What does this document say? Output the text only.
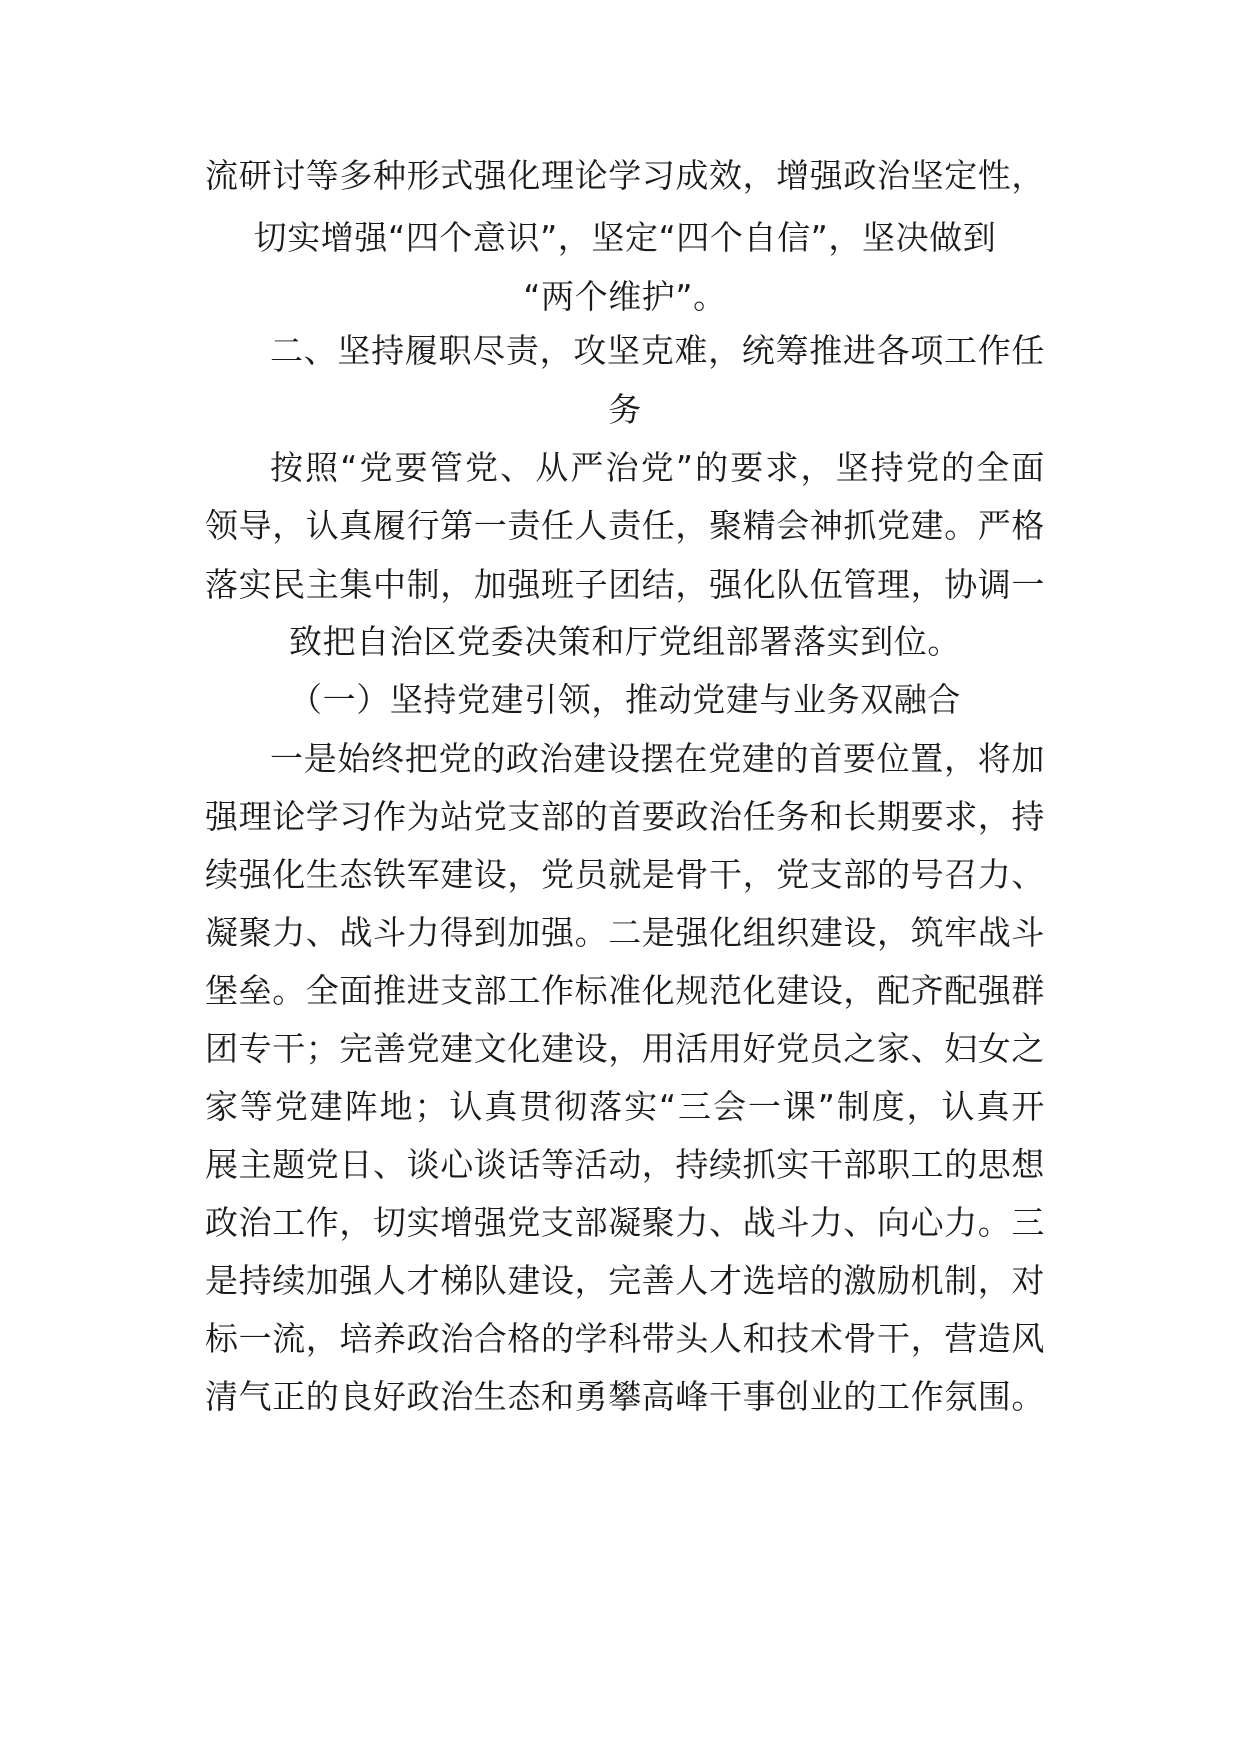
流研讨等多种形式强化理论学习成效，增强政治坚定性，
切实增强“四个意识”，坚定“四个自信”，坚决做到
“两个维护”。
二、坚持履职尽责，攻坚克难，统筹推进各项工作任
务
按照“党要管党、从严治党”的要求，坚持党的全面
领导，认真履行第一责任人责任，聚精会神抓党建。严格
落实民主集中制，加强班子团结，强化队伍管理，协调一
致把自治区党委决策和厅党组部署落实到位。
（一）坚持党建引领，推动党建与业务双融合
一是始终把党的政治建设摆在党建的首要位置，将加
强理论学习作为站党支部的首要政治任务和长期要求，持
续强化生态铁军建设，党员就是骨干，党支部的号召力、
凝聚力、战斗力得到加强。二是强化组织建设，筑牢战斗
堡垒。全面推进支部工作标准化规范化建设，配齐配强群
团专干；完善党建文化建设，用活用好党员之家、妇女之
家等党建阵地；认真贯彻落实“三会一课”制度，认真开
展主题党日、谈心谈话等活动，持续抓实干部职工的思想
政治工作，切实增强党支部凝聚力、战斗力、向心力。三
是持续加强人才梯队建设，完善人才选培的激励机制，对
标一流，培养政治合格的学科带头人和技术骨干，营造风
清气正的良好政治生态和勇攀高峰干事创业的工作氛围。
